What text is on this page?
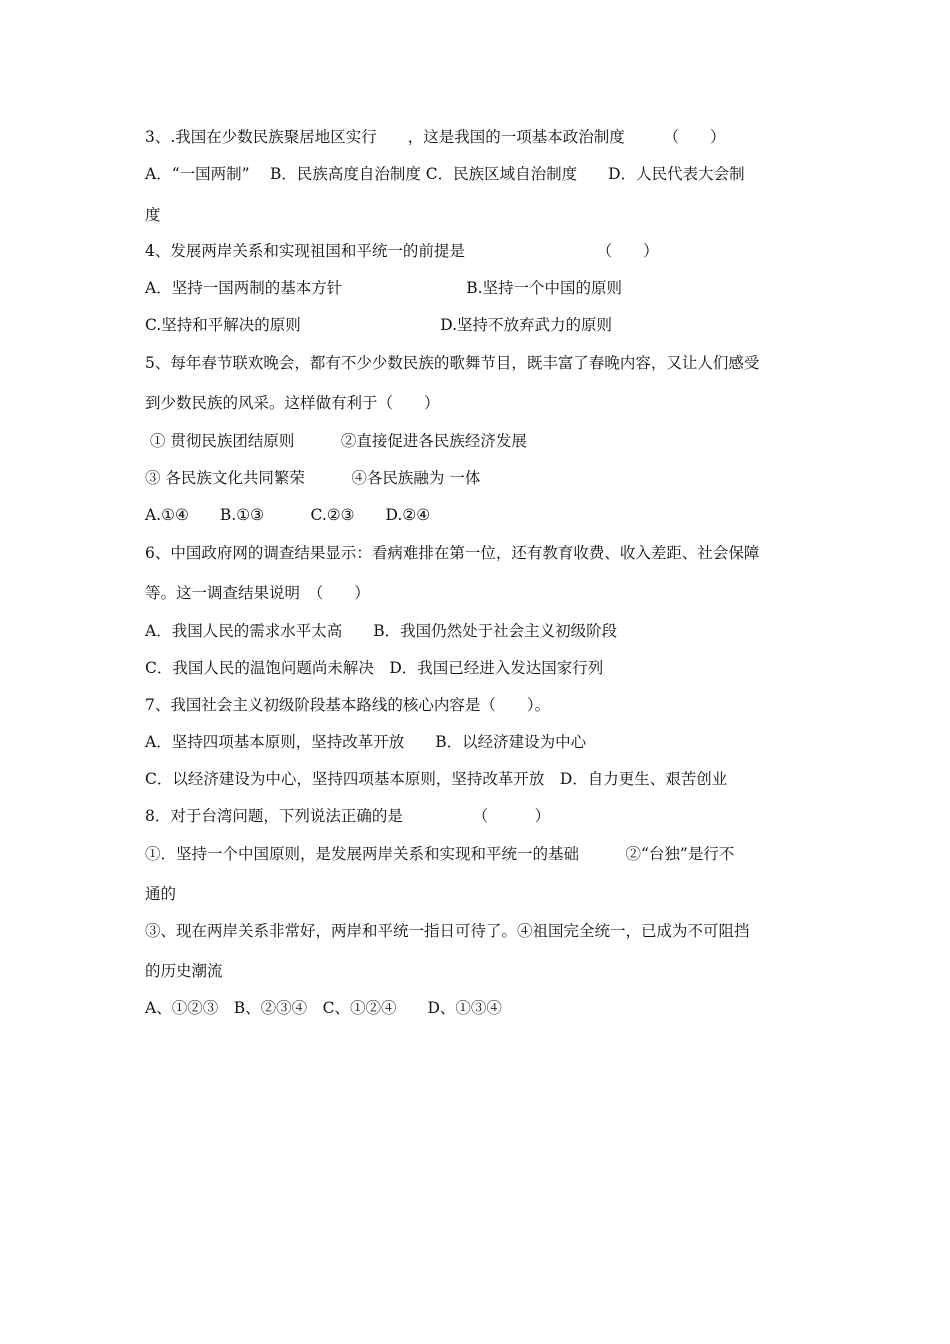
3、.我国在少数民族聚居地区实行　　，这是我国的一项基本政治制度　　　（　　）
A．“一国两制”　 B．民族高度自治制度 C．民族区域自治制度　　D．人民代表大会制
度
4、发展两岸关系和实现祖国和平统一的前提是　　　　　　　　　（　　）
A．坚持一国两制的基本方针　　　　　　　　B.坚持一个中国的原则
C.坚持和平解决的原则　　　　　　　　　D.坚持不放弃武力的原则
5、每年春节联欢晚会，都有不少少数民族的歌舞节目，既丰富了春晚内容，又让人们感受
到少数民族的风采。这样做有利于（　　）
① 贯彻民族团结原则　　　②直接促进各民族经济发展
③ 各民族文化共同繁荣　　　④各民族融为 一体
A.①④　　B.①③　　　C.②③　　D.②④
6、中国政府网的调查结果显示：看病难排在第一位，还有教育收费、收入差距、社会保障
等。这一调查结果说明　（　　）
A．我国人民的需求水平太高　　B．我国仍然处于社会主义初级阶段
C．我国人民的温饱问题尚未解决　D．我国已经进入发达国家行列
7、我国社会主义初级阶段基本路线的核心内容是（　　）。
A．坚持四项基本原则，坚持改革开放　　B．以经济建设为中心
C．以经济建设为中心，坚持四项基本原则，坚持改革开放　D．自力更生、艰苦创业
8．对于台湾问题，下列说法正确的是　　　　　（　　　）
①．坚持一个中国原则，是发展两岸关系和实现和平统一的基础　　　②“台独”是行不
通的
③、现在两岸关系非常好，两岸和平统一指日可待了。④祖国完全统一，已成为不可阻挡
的历史潮流
A、①②③　B、②③④　C、①②④　　D、①③④
